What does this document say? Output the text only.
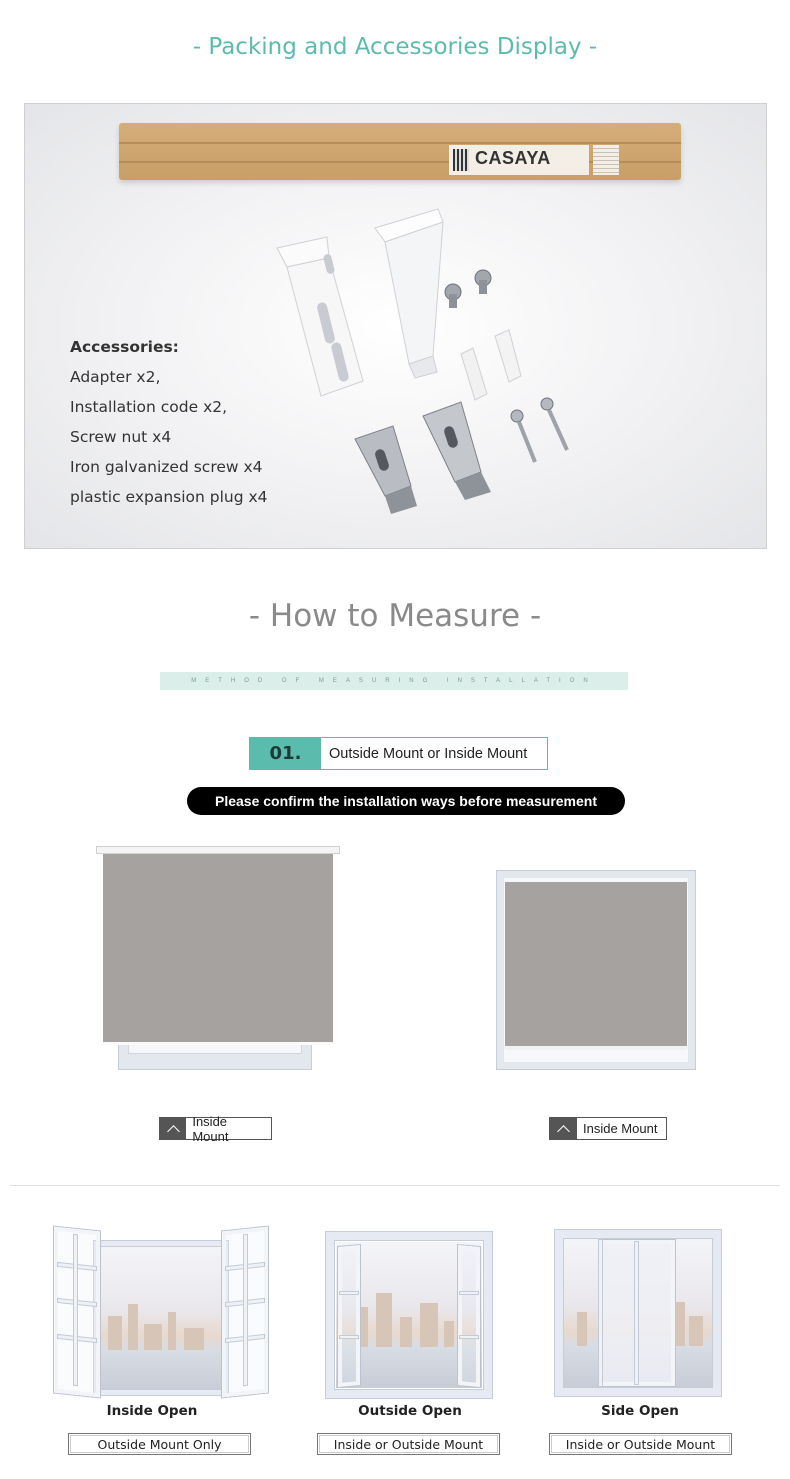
- Packing and Accessories Display -
CASAYA
Accessories:
Adapter x2,
Installation code x2,
Screw nut x4
Iron galvanized screw x4
plastic expansion plug x4
- How to Measure -
METHOD OF MEASURING INSTALLATION
01.	Outside Mount or Inside Mount
Please confirm the installation ways before measurement
Inside Mount	Inside Mount
Inside Open	Outside Open	Side Open
Outside Mount Only	Inside or Outside Mount	Inside or Outside Mount
